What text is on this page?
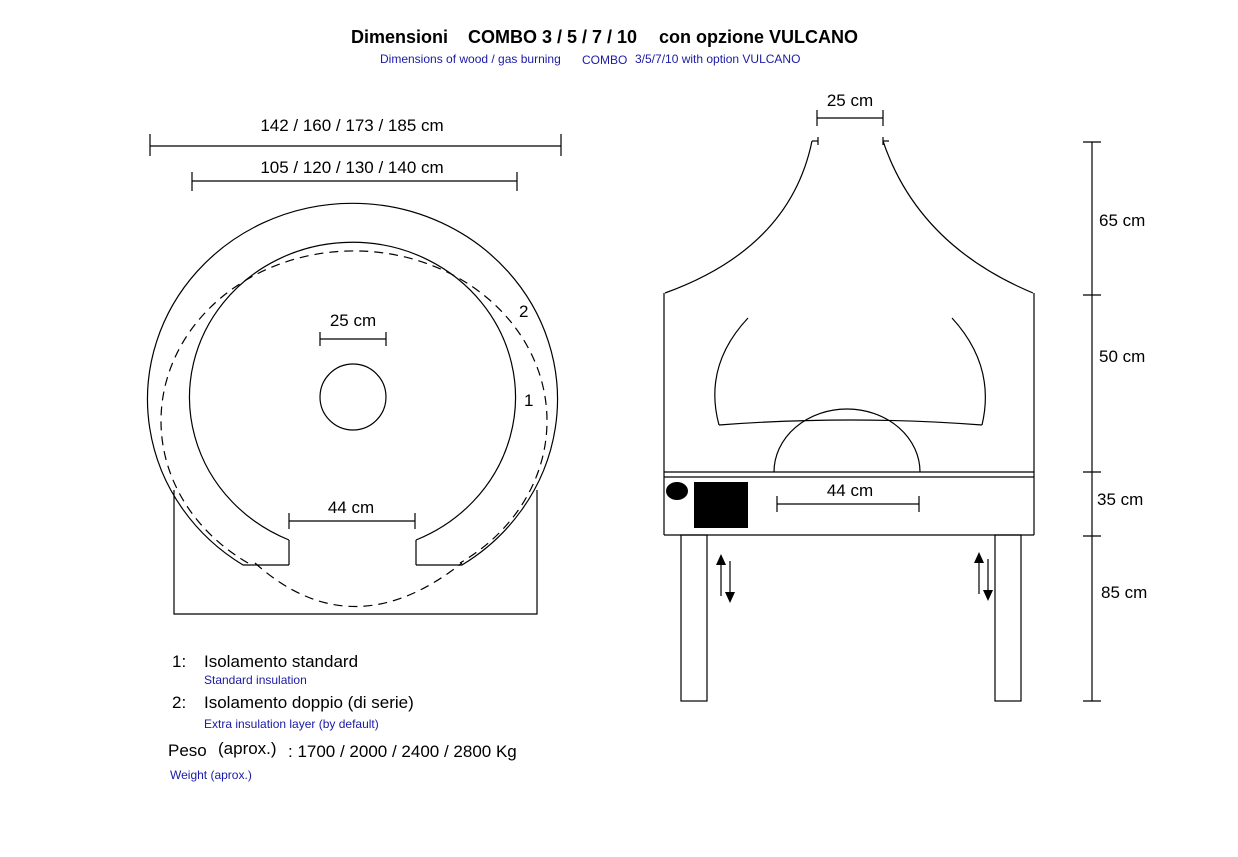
Dimensioni COMBO 3 / 5 / 7 / 10 con opzione VULCANO
Dimensions of wood / gas burning COMBO 3/5/7/10 with option VULCANO
142 / 160 / 173 / 185 cm
105 / 120 / 130 / 140 cm
25 cm
44 cm
2
1
25 cm
44 cm
65 cm
50 cm
35 cm
85 cm
1: Isolamento standard
Standard insulation
2: Isolamento doppio (di serie)
Extra insulation layer (by default)
Peso (aprox.) : 1700 / 2000 / 2400 / 2800 Kg
Weight (aprox.)
